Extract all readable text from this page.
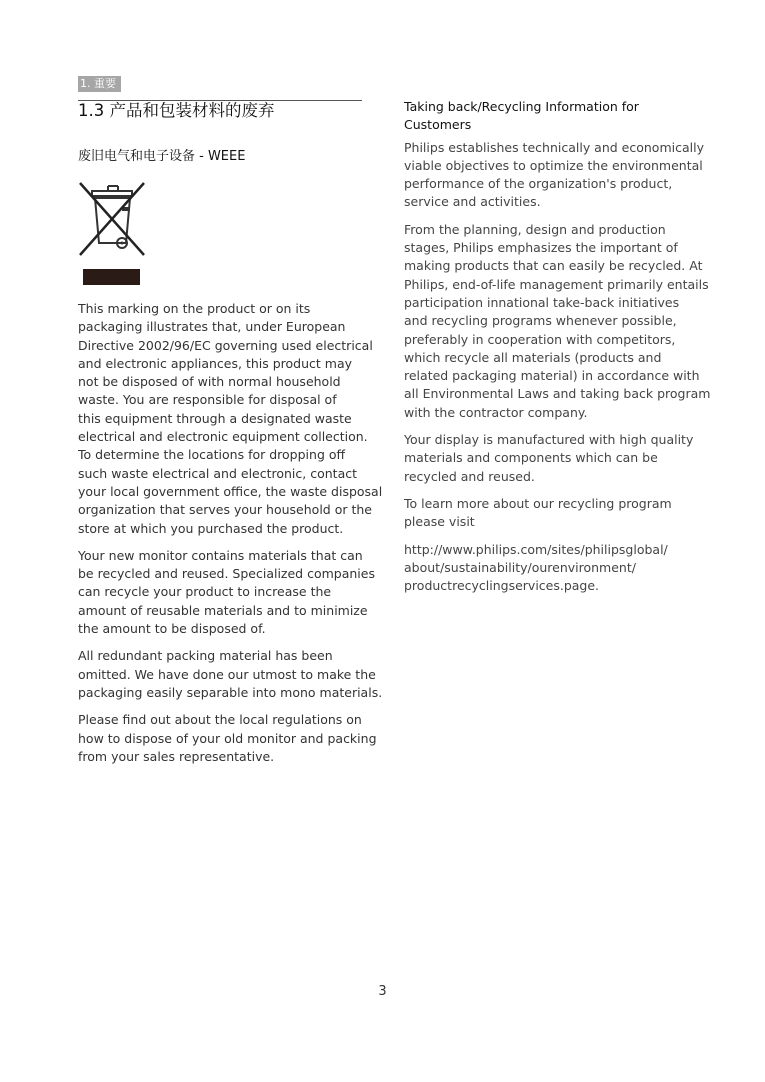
1. 重要
1.3 产品和包装材料的废弃
废旧电气和电子设备 - WEEE

This marking on the product or on its
packaging illustrates that, under European
Directive 2002/96/EC governing used electrical
and electronic appliances, this product may
not be disposed of with normal household
waste. You are responsible for disposal of
this equipment through a designated waste
electrical and electronic equipment collection.
To determine the locations for dropping off
such waste electrical and electronic, contact
your local government office, the waste disposal
organization that serves your household or the
store at which you purchased the product.

Your new monitor contains materials that can
be recycled and reused. Specialized companies
can recycle your product to increase the
amount of reusable materials and to minimize
the amount to be disposed of.

All redundant packing material has been
omitted. We have done our utmost to make the
packaging easily separable into mono materials.

Please find out about the local regulations on
how to dispose of your old monitor and packing
from your sales representative.

Taking back/Recycling Information for
Customers

Philips establishes technically and economically
viable objectives to optimize the environmental
performance of the organization's product,
service and activities.

From the planning, design and production
stages, Philips emphasizes the important of
making products that can easily be recycled. At
Philips, end-of-life management primarily entails
participation innational take-back initiatives
and recycling programs whenever possible,
preferably in cooperation with competitors,
which recycle all materials (products and
related packaging material) in accordance with
all Environmental Laws and taking back program
with the contractor company.

Your display is manufactured with high quality
materials and components which can be
recycled and reused.

To learn more about our recycling program
please visit

http://www.philips.com/sites/philipsglobal/
about/sustainability/ourenvironment/
productrecyclingservices.page.

3
